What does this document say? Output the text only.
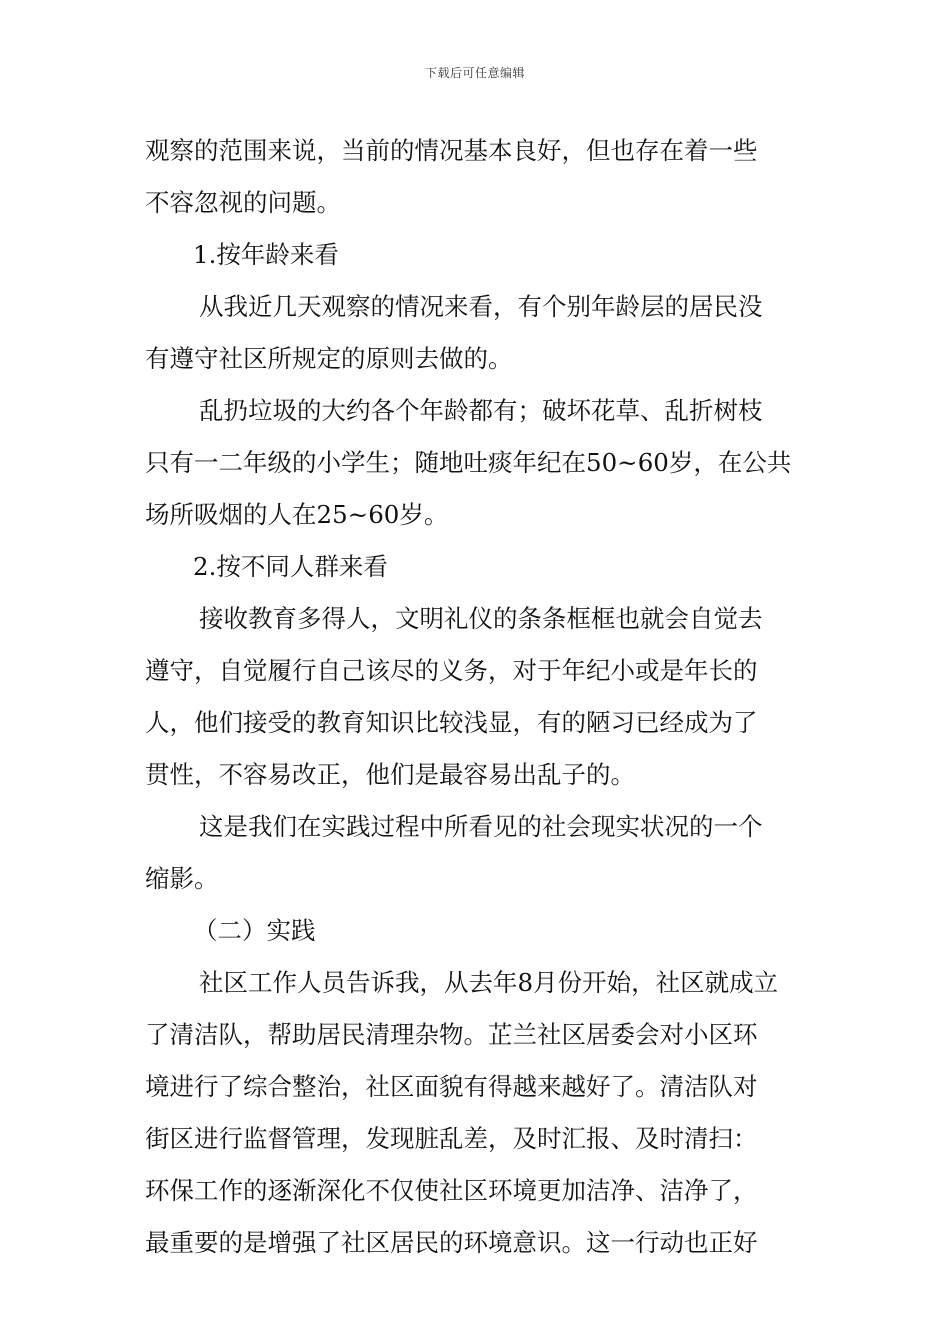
下载后可任意编辑
观察的范围来说，当前的情况基本良好，但也存在着一些
不容忽视的问题。
1.按年龄来看
从我近几天观察的情况来看，有个别年龄层的居民没
有遵守社区所规定的原则去做的。
乱扔垃圾的大约各个年龄都有；破坏花草、乱折树枝
只有一二年级的小学生；随地吐痰年纪在50~60岁，在公共
场所吸烟的人在25~60岁。
2.按不同人群来看
接收教育多得人，文明礼仪的条条框框也就会自觉去
遵守，自觉履行自己该尽的义务，对于年纪小或是年长的
人，他们接受的教育知识比较浅显，有的陋习已经成为了
贯性，不容易改正，他们是最容易出乱子的。
这是我们在实践过程中所看见的社会现实状况的一个
缩影。
（二）实践
社区工作人员告诉我，从去年8月份开始，社区就成立
了清洁队，帮助居民清理杂物。芷兰社区居委会对小区环
境进行了综合整治，社区面貌有得越来越好了。清洁队对
街区进行监督管理，发现脏乱差，及时汇报、及时清扫：
环保工作的逐渐深化不仅使社区环境更加洁净、洁净了，
最重要的是增强了社区居民的环境意识。这一行动也正好
